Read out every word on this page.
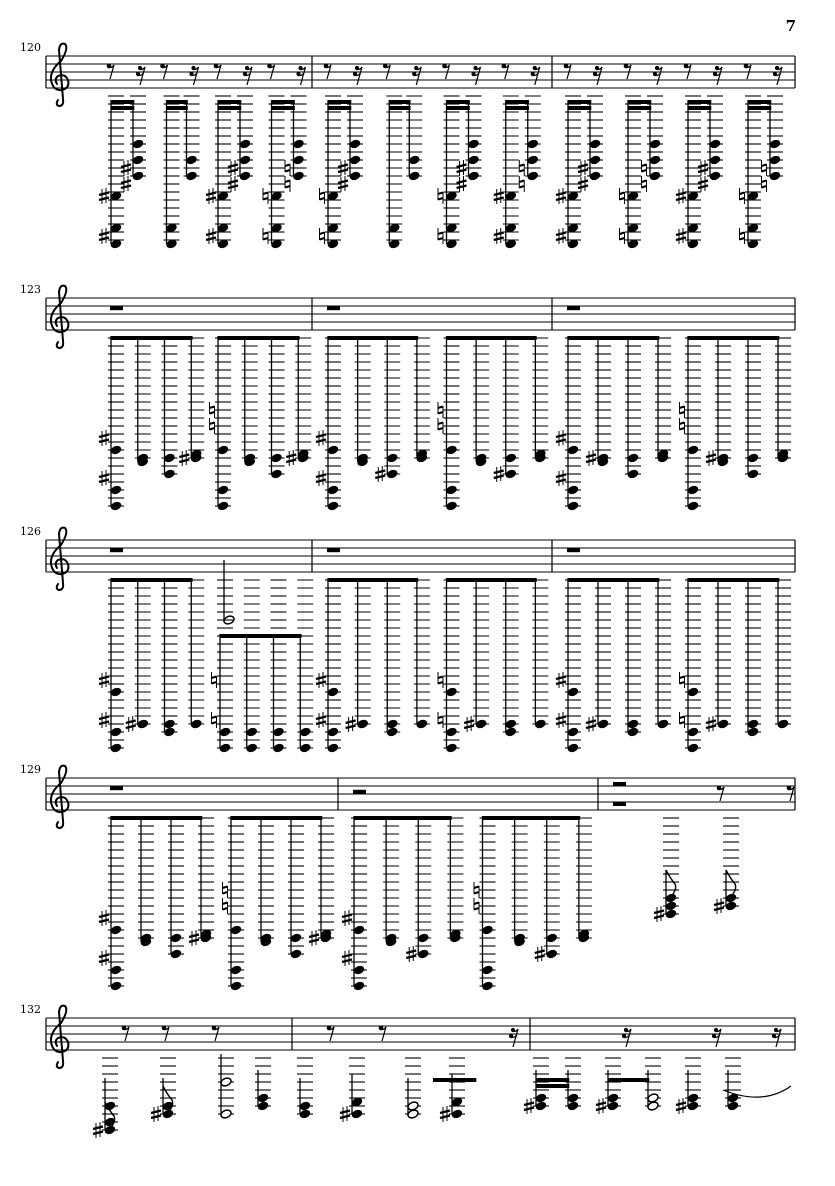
7
120
123
126
129
132
